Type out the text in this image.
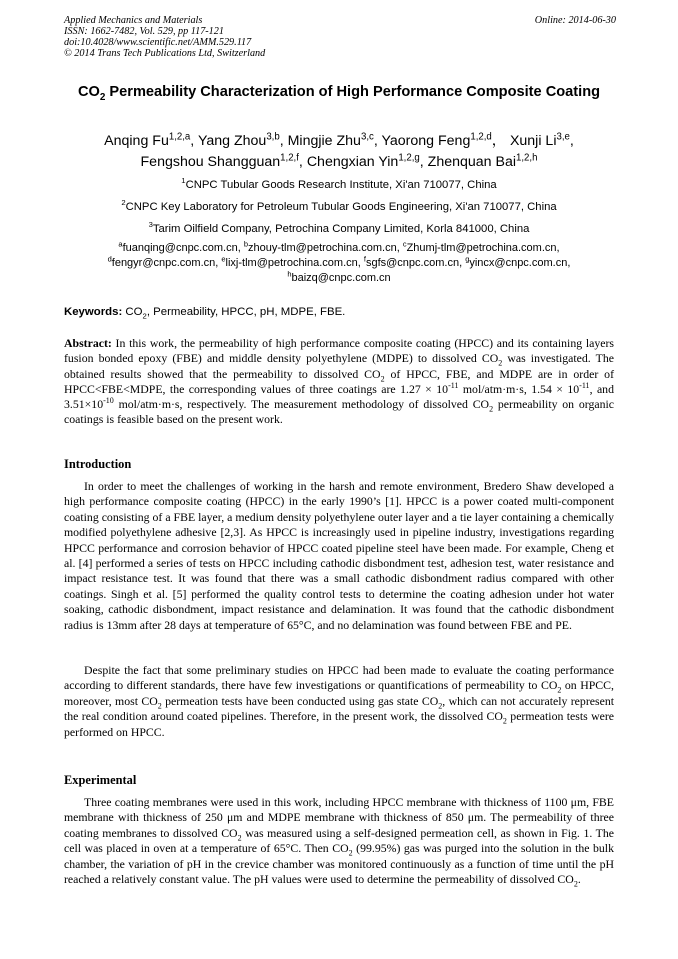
Applied Mechanics and Materials
ISSN: 1662-7482, Vol. 529, pp 117-121
doi:10.4028/www.scientific.net/AMM.529.117
© 2014 Trans Tech Publications Ltd, Switzerland
Online: 2014-06-30
$CO_2$ Permeability Characterization of High Performance Composite Coating
Anqing Fu$^{1,2,a}$, Yang Zhou$^{3,b}$, Mingjie Zhu$^{3,c}$, Yaorong Feng$^{1,2,d}$， Xunji Li$^{3,e}$,
Fengshou Shangguan$^{1,2,f}$, Chengxian Yin$^{1,2,g}$, Zhenquan Bai$^{1,2,h}$
$^1$CNPC Tubular Goods Research Institute, Xi'an 710077, China
$^2$CNPC Key Laboratory for Petroleum Tubular Goods Engineering, Xi'an 710077, China
$^3$Tarim Oilfield Company, Petrochina Company Limited, Korla 841000, China
$^a$fuanqing@cnpc.com.cn, $^b$zhouy-tlm@petrochina.com.cn, $^c$Zhumj-tlm@petrochina.com.cn,
$^d$fengyr@cnpc.com.cn, $^e$lixj-tlm@petrochina.com.cn, $^f$sgfs@cnpc.com.cn, $^g$yincx@cnpc.com.cn,
$^h$baizq@cnpc.com.cn
Keywords: $CO_2$, Permeability, HPCC, pH, MDPE, FBE.
Abstract: In this work, the permeability of high performance composite coating (HPCC) and its containing layers fusion bonded epoxy (FBE) and middle density polyethylene (MDPE) to dissolved $CO_2$ was investigated. The obtained results showed that the permeability to dissolved $CO_2$ of HPCC, FBE, and MDPE are in order of HPCC<FBE<MDPE, the corresponding values of three coatings are $1.27 \times 10^{-11}$ mol/atm·m·s, $1.54 \times 10^{-11}$, and $3.51\times 10^{-10}$ mol/atm·m·s, respectively. The measurement methodology of dissolved $CO_2$ permeability on organic coatings is feasible based on the present work.
Introduction
In order to meet the challenges of working in the harsh and remote environment, Bredero Shaw developed a high performance composite coating (HPCC) in the early 1990’s [1]. HPCC is a power coated multi-component coating consisting of a FBE layer, a medium density polyethylene outer layer and a tie layer containing a chemically modified polyethylene adhesive [2,3]. As HPCC is increasingly used in pipeline industry, investigations regarding HPCC performance and corrosion behavior of HPCC coated pipeline steel have been made. For example, Cheng et al. [4] performed a series of tests on HPCC including cathodic disbondment test, adhesion test, water resistance and impact resistance test. It was found that there was a small cathodic disbondment radius compared with other coatings. Singh et al. [5] performed the quality control tests to determine the coating adhesion under hot water soaking, cathodic disbondment, impact resistance and delamination. It was found that the cathodic disbondment radius is 13mm after 28 days at temperature of 65°C, and no delamination was found between FBE and PE.
Despite the fact that some preliminary studies on HPCC had been made to evaluate the coating performance according to different standards, there have few investigations or quantifications of permeability to $CO_2$ on HPCC, moreover, most $CO_2$ permeation tests have been conducted using gas state $CO_2$, which can not accurately represent the real condition around coated pipelines. Therefore, in the present work, the dissolved $CO_2$ permeation tests were performed on HPCC.
Experimental
Three coating membranes were used in this work, including HPCC membrane with thickness of 1100 μm, FBE membrane with thickness of 250 μm and MDPE membrane with thickness of 850 μm. The permeability of three coating membranes to dissolved $CO_2$ was measured using a self-designed permeation cell, as shown in Fig. 1. The cell was placed in oven at a temperature of 65°C. Then $CO_2$ (99.95%) gas was purged into the solution in the bulk chamber, the variation of pH in the crevice chamber was monitored continuously as a function of time until the pH reached a relatively constant value. The pH values were used to determine the permeability of dissolved $CO_2$.
